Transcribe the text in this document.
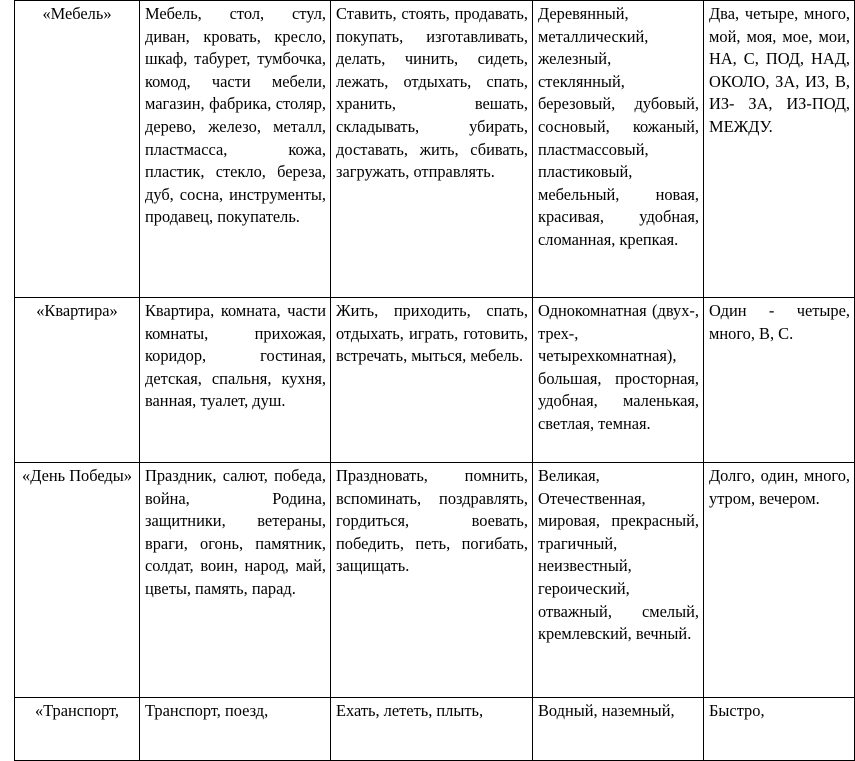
«Мебель»	Мебель, стол, стул, диван, кровать, кресло, шкаф, табурет, тумбочка, комод, части мебели, магазин, фабрика, столяр, дерево, железо, металл, пластмасса, кожа, пластик, стекло, береза, дуб, сосна, инструменты, продавец, покупатель.	Ставить, стоять, продавать, покупать, изготавливать, делать, чинить, сидеть, лежать, отдыхать, спать, хранить, вешать, складывать, убирать, доставать, жить, сбивать, загружать, отправлять.	Деревянный, металлический, железный, стеклянный, березовый, дубовый, сосновый, кожаный, пластмассовый, пластиковый, мебельный, новая, красивая, удобная, сломанная, крепкая.	Два, четыре, много, мой, моя, мое, мои, НА, С, ПОД, НАД, ОКОЛО, ЗА, ИЗ, В, ИЗ- ЗА, ИЗ-ПОД, МЕЖДУ.

«Квартира»	Квартира, комната, части комнаты, прихожая, коридор, гостиная, детская, спальня, кухня, ванная, туалет, душ.	Жить, приходить, спать, отдыхать, играть, готовить, встречать, мыться, мебель.	Однокомнатная (двух-, трех-, четырехкомнатная), большая, просторная, удобная, маленькая, светлая, темная.	Один - четыре, много, В, С.

«День Победы»	Праздник, салют, победа, война, Родина, защитники, ветераны, враги, огонь, памятник, солдат, воин, народ, май, цветы, память, парад.	Праздновать, помнить, вспоминать, поздравлять, гордиться, воевать, победить, петь, погибать, защищать.	Великая, Отечественная, мировая, прекрасный, трагичный, неизвестный, героический, отважный, смелый, кремлевский, вечный.	Долго, один, много, утром, вечером.

«Транспорт,	Транспорт, поезд,	Ехать, лететь, плыть,	Водный, наземный,	Быстро,
